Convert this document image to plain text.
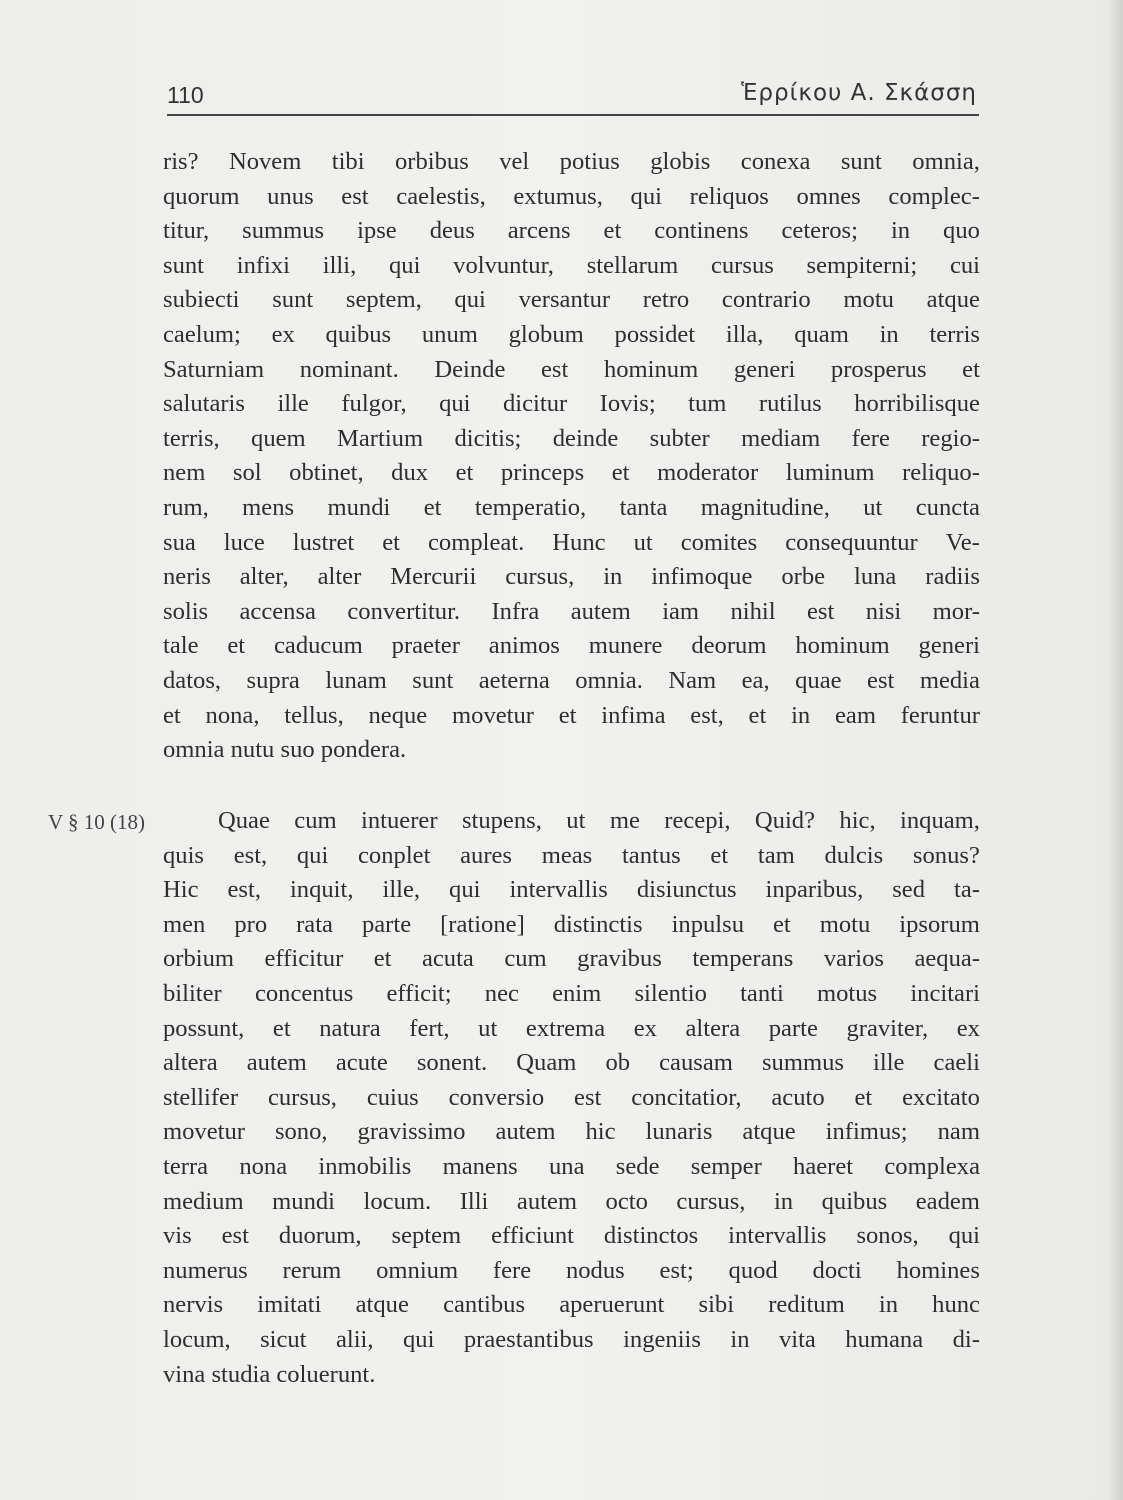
110	Ἑρρίκου Α. Σκάσση
ris? Novem tibi orbibus vel potius globis conexa sunt omnia,
quorum unus est caelestis, extumus, qui reliquos omnes complec-
titur, summus ipse deus arcens et continens ceteros; in quo
sunt infixi illi, qui volvuntur, stellarum cursus sempiterni; cui
subiecti sunt septem, qui versantur retro contrario motu atque
caelum; ex quibus unum globum possidet illa, quam in terris
Saturniam nominant. Deinde est hominum generi prosperus et
salutaris ille fulgor, qui dicitur Iovis; tum rutilus horribilisque
terris, quem Martium dicitis; deinde subter mediam fere regio-
nem sol obtinet, dux et princeps et moderator luminum reliquo-
rum, mens mundi et temperatio, tanta magnitudine, ut cuncta
sua luce lustret et compleat. Hunc ut comites consequuntur Ve-
neris alter, alter Mercurii cursus, in infimoque orbe luna radiis
solis accensa convertitur. Infra autem iam nihil est nisi mor-
tale et caducum praeter animos munere deorum hominum generi
datos, supra lunam sunt aeterna omnia. Nam ea, quae est media
et nona, tellus, neque movetur et infima est, et in eam feruntur
omnia nutu suo pondera.
V § 10 (18)	Quae cum intuerer stupens, ut me recepi, Quid? hic, inquam,
quis est, qui conplet aures meas tantus et tam dulcis sonus?
Hic est, inquit, ille, qui intervallis disiunctus inparibus, sed ta-
men pro rata parte [ratione] distinctis inpulsu et motu ipsorum
orbium efficitur et acuta cum gravibus temperans varios aequa-
biliter concentus efficit; nec enim silentio tanti motus incitari
possunt, et natura fert, ut extrema ex altera parte graviter, ex
altera autem acute sonent. Quam ob causam summus ille caeli
stellifer cursus, cuius conversio est concitatior, acuto et excitato
movetur sono, gravissimo autem hic lunaris atque infimus; nam
terra nona inmobilis manens una sede semper haeret complexa
medium mundi locum. Illi autem octo cursus, in quibus eadem
vis est duorum, septem efficiunt distinctos intervallis sonos, qui
numerus rerum omnium fere nodus est; quod docti homines
nervis imitati atque cantibus aperuerunt sibi reditum in hunc
locum, sicut alii, qui praestantibus ingeniis in vita humana di-
vina studia coluerunt.
